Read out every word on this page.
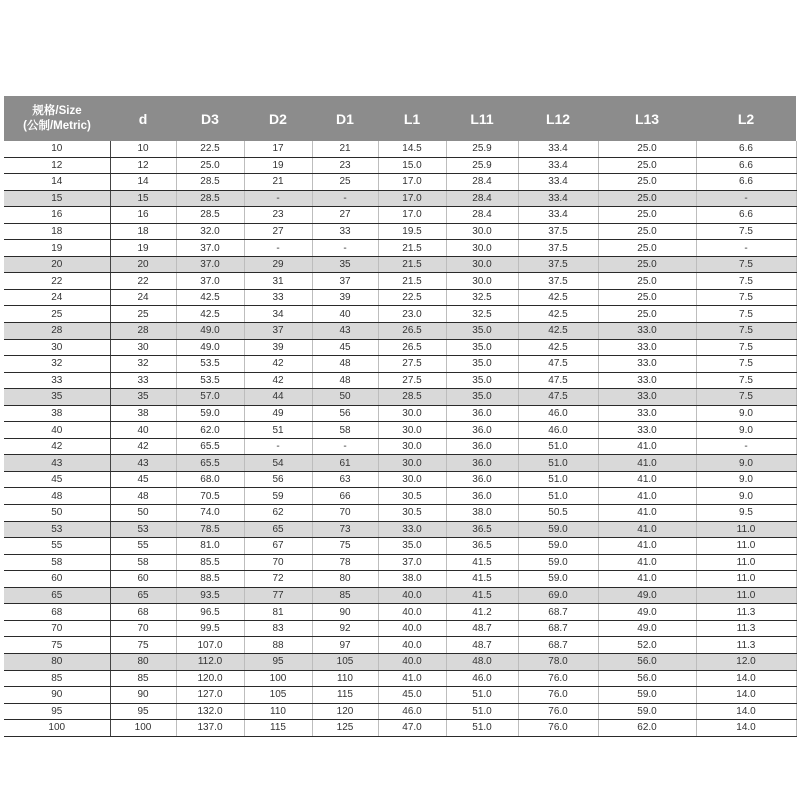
规格/Size
(公制/Metric)	d	D3	D2	D1	L1	L11	L12	L13	L2
10	10	22.5	17	21	14.5	25.9	33.4	25.0	6.6
12	12	25.0	19	23	15.0	25.9	33.4	25.0	6.6
14	14	28.5	21	25	17.0	28.4	33.4	25.0	6.6
15	15	28.5	-	-	17.0	28.4	33.4	25.0	-
16	16	28.5	23	27	17.0	28.4	33.4	25.0	6.6
18	18	32.0	27	33	19.5	30.0	37.5	25.0	7.5
19	19	37.0	-	-	21.5	30.0	37.5	25.0	-
20	20	37.0	29	35	21.5	30.0	37.5	25.0	7.5
22	22	37.0	31	37	21.5	30.0	37.5	25.0	7.5
24	24	42.5	33	39	22.5	32.5	42.5	25.0	7.5
25	25	42.5	34	40	23.0	32.5	42.5	25.0	7.5
28	28	49.0	37	43	26.5	35.0	42.5	33.0	7.5
30	30	49.0	39	45	26.5	35.0	42.5	33.0	7.5
32	32	53.5	42	48	27.5	35.0	47.5	33.0	7.5
33	33	53.5	42	48	27.5	35.0	47.5	33.0	7.5
35	35	57.0	44	50	28.5	35.0	47.5	33.0	7.5
38	38	59.0	49	56	30.0	36.0	46.0	33.0	9.0
40	40	62.0	51	58	30.0	36.0	46.0	33.0	9.0
42	42	65.5	-	-	30.0	36.0	51.0	41.0	-
43	43	65.5	54	61	30.0	36.0	51.0	41.0	9.0
45	45	68.0	56	63	30.0	36.0	51.0	41.0	9.0
48	48	70.5	59	66	30.5	36.0	51.0	41.0	9.0
50	50	74.0	62	70	30.5	38.0	50.5	41.0	9.5
53	53	78.5	65	73	33.0	36.5	59.0	41.0	11.0
55	55	81.0	67	75	35.0	36.5	59.0	41.0	11.0
58	58	85.5	70	78	37.0	41.5	59.0	41.0	11.0
60	60	88.5	72	80	38.0	41.5	59.0	41.0	11.0
65	65	93.5	77	85	40.0	41.5	69.0	49.0	11.0
68	68	96.5	81	90	40.0	41.2	68.7	49.0	11.3
70	70	99.5	83	92	40.0	48.7	68.7	49.0	11.3
75	75	107.0	88	97	40.0	48.7	68.7	52.0	11.3
80	80	112.0	95	105	40.0	48.0	78.0	56.0	12.0
85	85	120.0	100	110	41.0	46.0	76.0	56.0	14.0
90	90	127.0	105	115	45.0	51.0	76.0	59.0	14.0
95	95	132.0	110	120	46.0	51.0	76.0	59.0	14.0
100	100	137.0	115	125	47.0	51.0	76.0	62.0	14.0
